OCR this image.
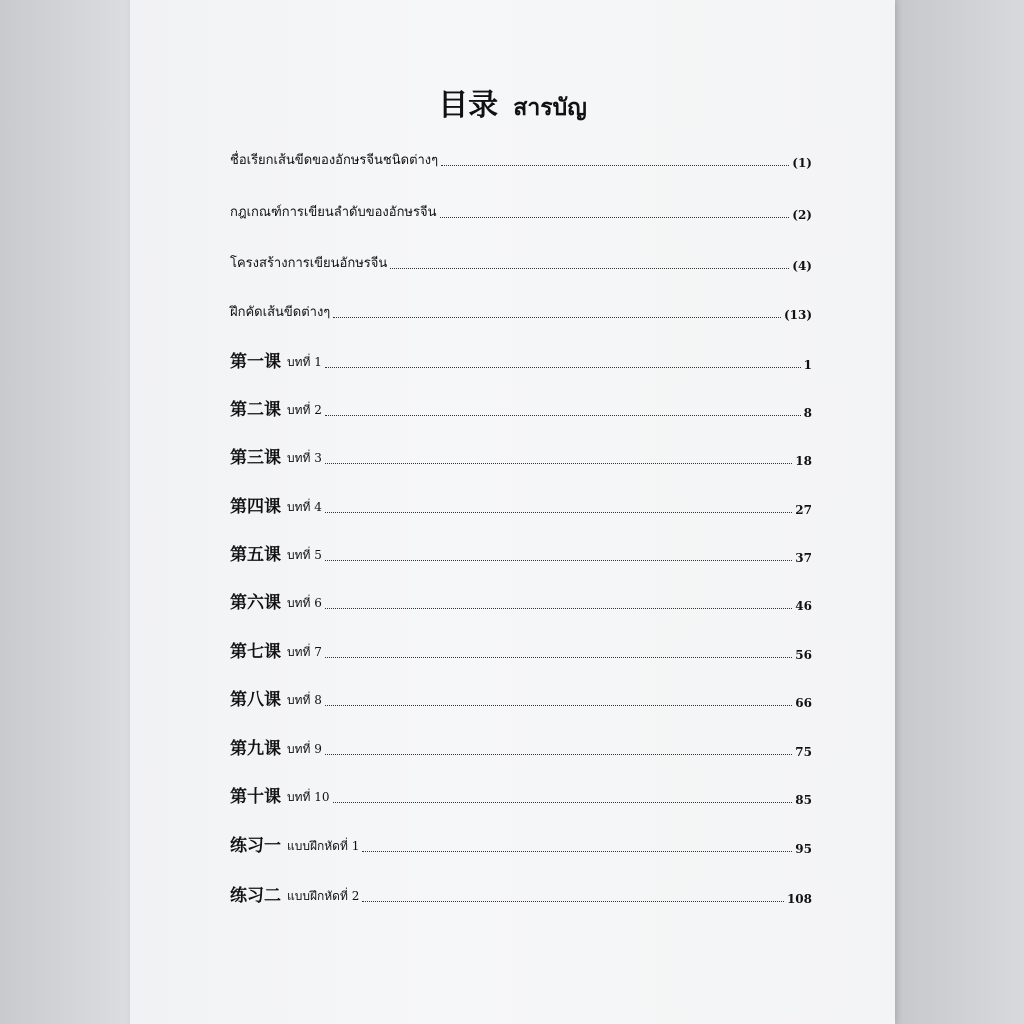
目录 สารบัญ
ชื่อเรียกเส้นขีดของอักษรจีนชนิดต่างๆ	(1)
กฎเกณฑ์การเขียนลำดับของอักษรจีน	(2)
โครงสร้างการเขียนอักษรจีน	(4)
ฝึกคัดเส้นขีดต่างๆ	(13)
第一课 บทที่ 1	1
第二课 บทที่ 2	8
第三课 บทที่ 3	18
第四课 บทที่ 4	27
第五课 บทที่ 5	37
第六课 บทที่ 6	46
第七课 บทที่ 7	56
第八课 บทที่ 8	66
第九课 บทที่ 9	75
第十课 บทที่ 10	85
练习一 แบบฝึกหัดที่ 1	95
练习二 แบบฝึกหัดที่ 2	108
